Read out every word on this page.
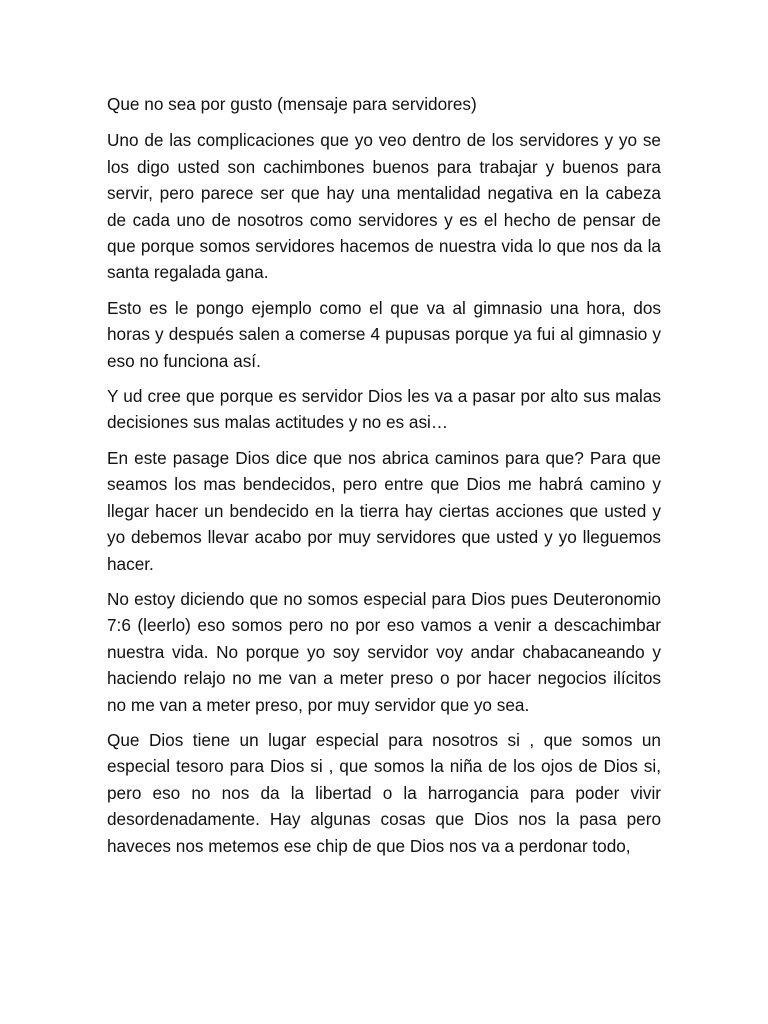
Que no sea por gusto (mensaje para servidores)

Uno de las complicaciones que yo veo dentro de los servidores y yo se los digo usted son cachimbones buenos para trabajar y buenos para servir, pero parece ser que hay una mentalidad negativa en la cabeza de cada uno de nosotros como servidores y es el hecho de pensar de que porque somos servidores hacemos de nuestra vida lo que nos da la santa regalada gana.

Esto es le pongo ejemplo como el que va al gimnasio una hora, dos horas y después salen a comerse 4 pupusas porque ya fui al gimnasio y eso no funciona así.

Y ud cree que porque es servidor Dios les va a pasar por alto sus malas decisiones sus malas actitudes y no es asi…

En este pasage Dios dice que nos abrica caminos para que? Para que seamos los mas bendecidos, pero entre que Dios me habrá camino y llegar hacer un bendecido en la tierra hay ciertas acciones que usted y yo debemos llevar acabo por muy servidores que usted y yo lleguemos hacer.

No estoy diciendo que no somos especial para Dios pues Deuteronomio 7:6 (leerlo) eso somos pero no por eso vamos a venir a descachimbar nuestra vida. No porque yo soy servidor voy andar chabacaneando y haciendo relajo no me van a meter preso o por hacer negocios ilícitos no me van a meter preso, por muy servidor que yo sea.

Que Dios tiene un lugar especial para nosotros si , que somos un especial tesoro para Dios si , que somos la niña de los ojos de Dios si, pero eso no nos da la libertad o la harrogancia para poder vivir desordenadamente. Hay algunas cosas que Dios nos la pasa pero haveces nos metemos ese chip de que Dios nos va a perdonar todo,
